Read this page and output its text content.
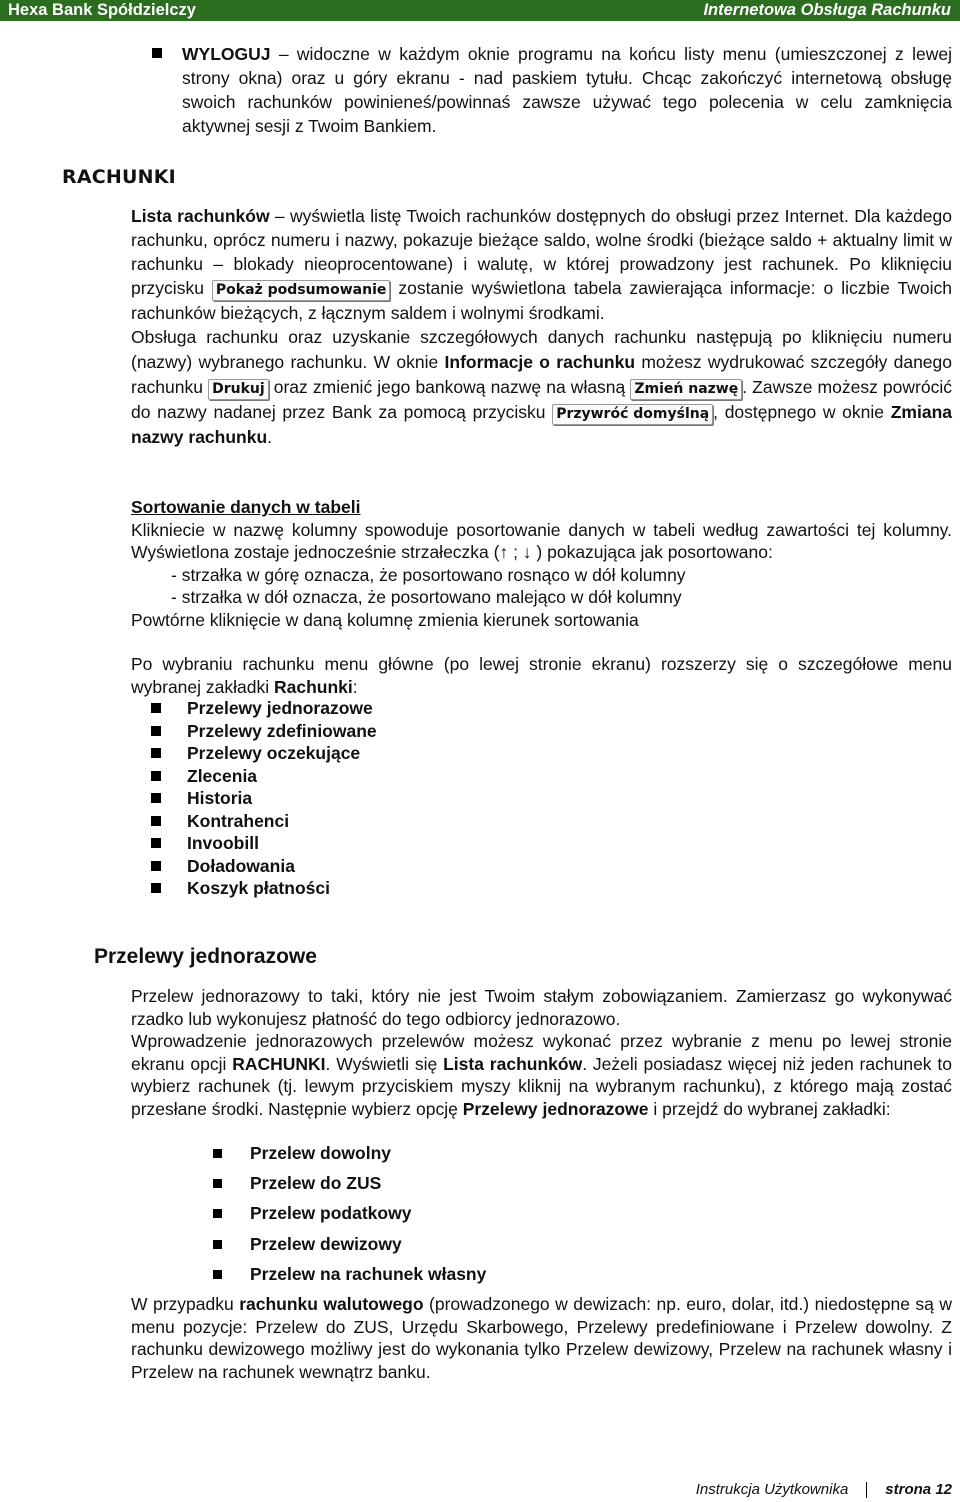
Hexa Bank Spółdzielczy	Internetowa Obsługa Rachunku
WYLOGUJ – widoczne w każdym oknie programu na końcu listy menu (umieszczonej z lewej strony okna) oraz u góry ekranu - nad paskiem tytułu. Chcąc zakończyć internetową obsługę swoich rachunków powinieneś/powinnaś zawsze używać tego polecenia w celu zamknięcia aktywnej sesji z Twoim Bankiem.
RACHUNKI

Lista rachunków – wyświetla listę Twoich rachunków dostępnych do obsługi przez Internet. Dla każdego rachunku, oprócz numeru i nazwy, pokazuje bieżące saldo, wolne środki (bieżące saldo + aktualny limit w rachunku – blokady nieoprocentowane) i walutę, w której prowadzony jest rachunek. Po kliknięciu przycisku Pokaż podsumowanie zostanie wyświetlona tabela zawierająca informacje: o liczbie Twoich rachunków bieżących, z łącznym saldem i wolnymi środkami.

Obsługa rachunku oraz uzyskanie szczegółowych danych rachunku następują po kliknięciu numeru (nazwy) wybranego rachunku. W oknie Informacje o rachunku możesz wydrukować szczegóły danego rachunku Drukuj oraz zmienić jego bankową nazwę na własną Zmień nazwę . Zawsze możesz powrócić do nazwy nadanej przez Bank za pomocą przycisku Przywróć domyślną , dostępnego w oknie Zmiana nazwy rachunku.

Sortowanie danych w tabeli
Klikniecie w nazwę kolumny spowoduje posortowanie danych w tabeli według zawartości tej kolumny. Wyświetlona zostaje jednocześnie strzałeczka (↑ ; ↓ ) pokazująca jak posortowano:
- strzałka w górę oznacza, że posortowano rosnąco w dół kolumny
- strzałka w dół oznacza, że posortowano malejąco w dół kolumny
Powtórne kliknięcie w daną kolumnę zmienia kierunek sortowania
Po wybraniu rachunku menu główne (po lewej stronie ekranu) rozszerzy się o szczegółowe menu wybranej zakładki Rachunki:
Przelewy jednorazowe
Przelewy zdefiniowane
Przelewy oczekujące
Zlecenia
Historia
Kontrahenci
Invoobill
Doładowania
Koszyk płatności
Przelewy jednorazowe
Przelew jednorazowy to taki, który nie jest Twoim stałym zobowiązaniem. Zamierzasz go wykonywać rzadko lub wykonujesz płatność do tego odbiorcy jednorazowo.
Wprowadzenie jednorazowych przelewów możesz wykonać przez wybranie z menu po lewej stronie ekranu opcji RACHUNKI. Wyświetli się Lista rachunków. Jeżeli posiadasz więcej niż jeden rachunek to wybierz rachunek (tj. lewym przyciskiem myszy kliknij na wybranym rachunku), z którego mają zostać przesłane środki. Następnie wybierz opcję Przelewy jednorazowe i przejdź do wybranej zakładki:
Przelew dowolny
Przelew do ZUS
Przelew podatkowy
Przelew dewizowy
Przelew na rachunek własny
W przypadku rachunku walutowego (prowadzonego w dewizach: np. euro, dolar, itd.) niedostępne są w menu pozycje: Przelew do ZUS, Urzędu Skarbowego, Przelewy predefiniowane i Przelew dowolny. Z rachunku dewizowego możliwy jest do wykonania tylko Przelew dewizowy, Przelew na rachunek własny i Przelew na rachunek wewnątrz banku.
Instrukcja Użytkownika strona
12
